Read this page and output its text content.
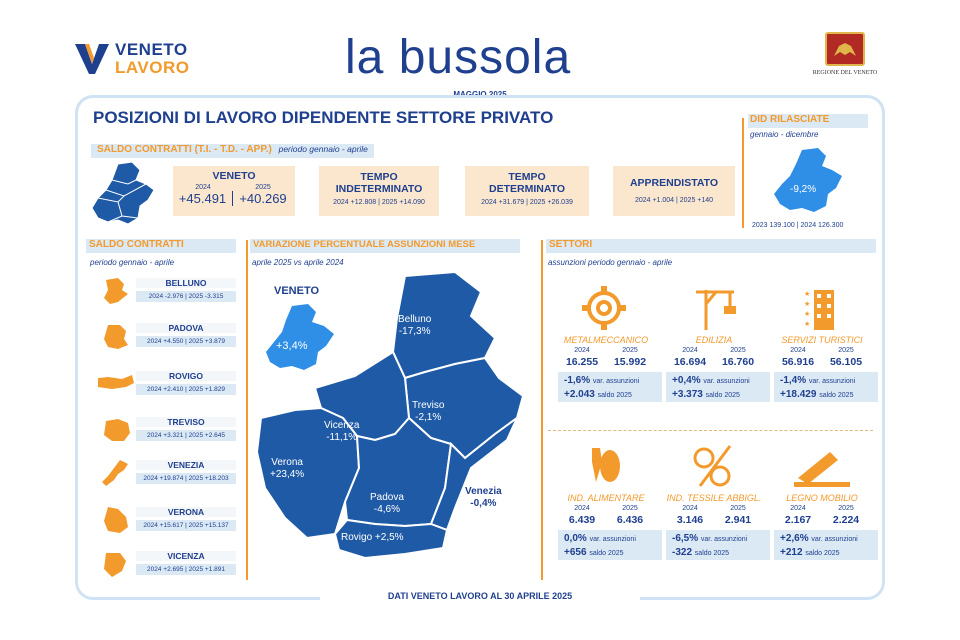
VENETO
LAVORO	la bussola
MAGGIO 2025
REGIONE DEL VENETO
DATI VENETO LAVORO AL 30 APRILE 2025
POSIZIONI DI LAVORO DIPENDENTE SETTORE PRIVATO
SALDO CONTRATTI (T.I. - T.D. - APP.) periodo gennaio - aprile
VENETO
2024	2025
+45.491	+40.269
TEMPO
INDETERMINATO
2024 +12.808 | 2025 +14.090
TEMPO
DETERMINATO
2024 +31.679 | 2025 +26.039
APPRENDISTATO
2024 +1.004 | 2025 +140
DID RILASCIATE
gennaio - dicembre
-9,2%
2023 139.100 | 2024 126.300
SALDO CONTRATTI
periodo gennaio - aprile
BELLUNO
2024 -2.976 | 2025 -3.315
PADOVA
2024 +4.550 | 2025 +3.879
ROVIGO
2024 +2.410 | 2025 +1.829
TREVISO
2024 +3.321 | 2025 +2.645
VENEZIA
2024 +19.874 | 2025 +18.203
VERONA
2024 +15.617 | 2025 +15.137
VICENZA
2024 +2.695 | 2025 +1.891
VARIAZIONE PERCENTUALE ASSUNZIONI MESE
aprile 2025 vs aprile 2024
VENETO
+3,4%
Belluno
-17,3%
Treviso
-2,1%
Vicenza
-11,1%
Verona
+23,4%
Padova
-4,6%
Rovigo +2,5%
Venezia
-0,4%
SETTORI
assunzioni periodo gennaio - aprile
METALMECCANICO
2024	2025
16.255 15.992
-1,6% var. assunzioni
+2.043 saldo 2025
EDILIZIA
2024	2025
16.694 16.760
+0,4% var. assunzioni
+3.373 saldo 2025
★
★
★
★
SERVIZI TURISTICI
2024	2025
56.916 56.105
-1,4% var. assunzioni
+18.429 saldo 2025
IND. ALIMENTARE
2024	2025
6.439 6.436
0,0% var. assunzioni
+656 saldo 2025
IND. TESSILE ABBIGL.
2024	2025
3.146 2.941
-6,5% var. assunzioni
-322 saldo 2025
LEGNO MOBILIO
2024	2025
2.167 2.224
+2,6% var. assunzioni
+212 saldo 2025
